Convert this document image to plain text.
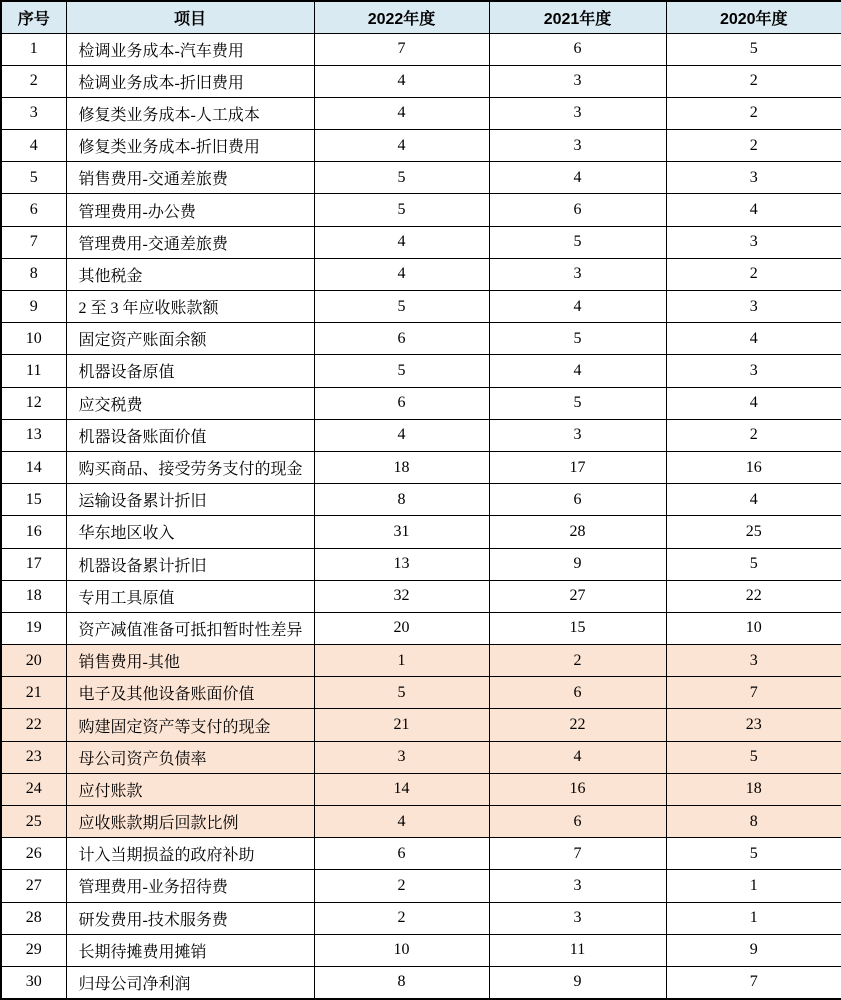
序号	项目	2022年度	2021年度	2020年度
1	检调业务成本-汽车费用	7	6	5
2	检调业务成本-折旧费用	4	3	2
3	修复类业务成本-人工成本	4	3	2
4	修复类业务成本-折旧费用	4	3	2
5	销售费用-交通差旅费	5	4	3
6	管理费用-办公费	5	6	4
7	管理费用-交通差旅费	4	5	3
8	其他税金	4	3	2
9	2 至 3 年应收账款额	5	4	3
10	固定资产账面余额	6	5	4
11	机器设备原值	5	4	3
12	应交税费	6	5	4
13	机器设备账面价值	4	3	2
14	购买商品、接受劳务支付的现金	18	17	16
15	运输设备累计折旧	8	6	4
16	华东地区收入	31	28	25
17	机器设备累计折旧	13	9	5
18	专用工具原值	32	27	22
19	资产减值准备可抵扣暂时性差异	20	15	10
20	销售费用-其他	1	2	3
21	电子及其他设备账面价值	5	6	7
22	购建固定资产等支付的现金	21	22	23
23	母公司资产负债率	3	4	5
24	应付账款	14	16	18
25	应收账款期后回款比例	4	6	8
26	计入当期损益的政府补助	6	7	5
27	管理费用-业务招待费	2	3	1
28	研发费用-技术服务费	2	3	1
29	长期待摊费用摊销	10	11	9
30	归母公司净利润	8	9	7
